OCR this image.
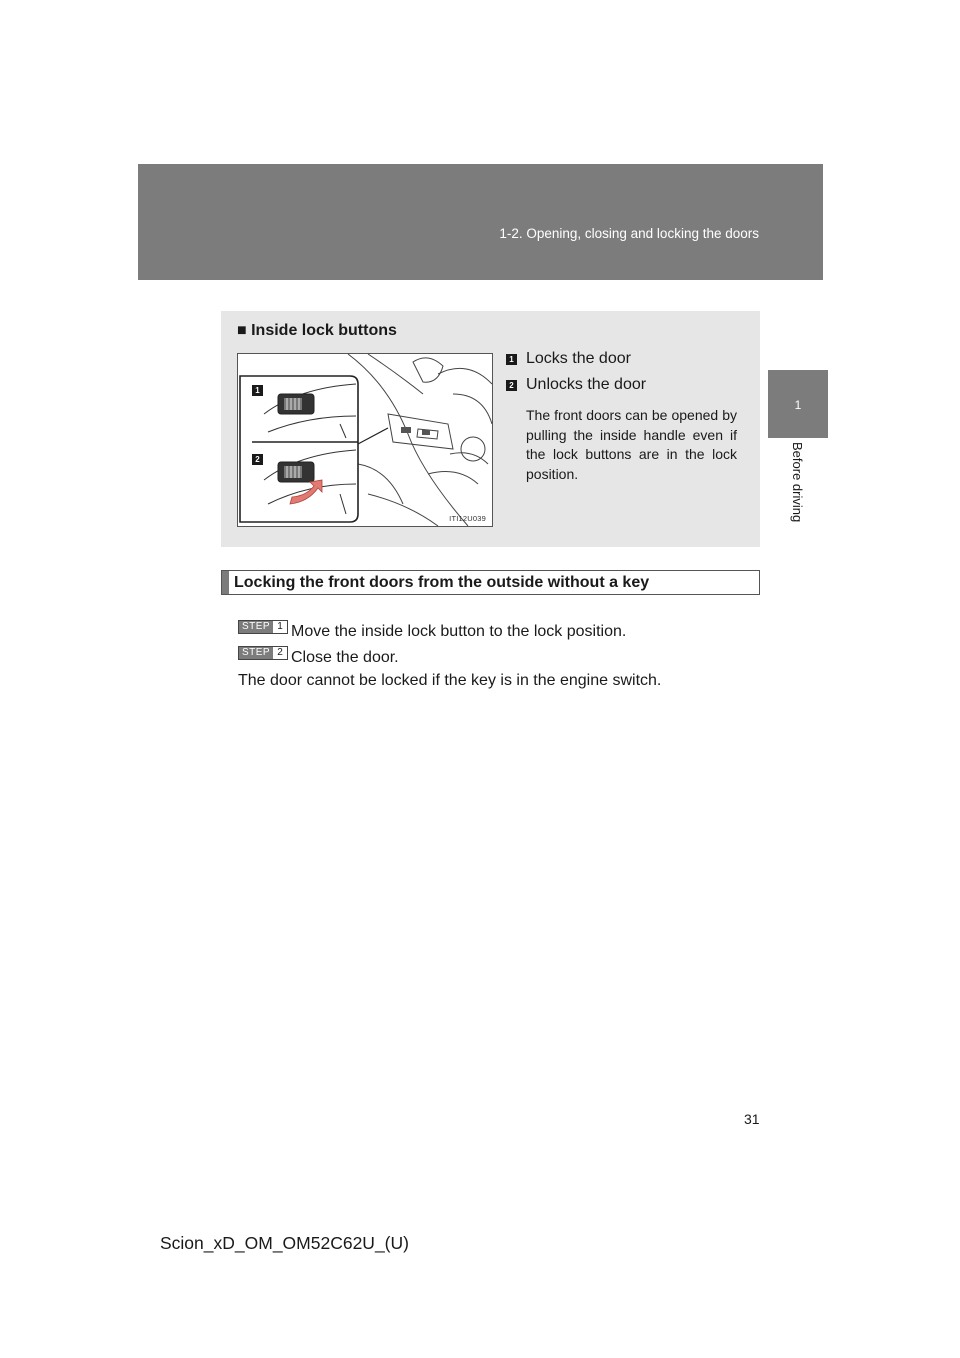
1-2. Opening, closing and locking the doors
1
Before driving
■ Inside lock buttons
1
2
ITI12U039
1 Locks the door
2 Unlocks the door
The front doors can be opened by pulling the inside handle even if the lock buttons are in the lock position.
Locking the front doors from the outside without a key
STEP 1 Move the inside lock button to the lock position.
STEP 2 Close the door.
The door cannot be locked if the key is in the engine switch.
31
Scion_xD_OM_OM52C62U_(U)
